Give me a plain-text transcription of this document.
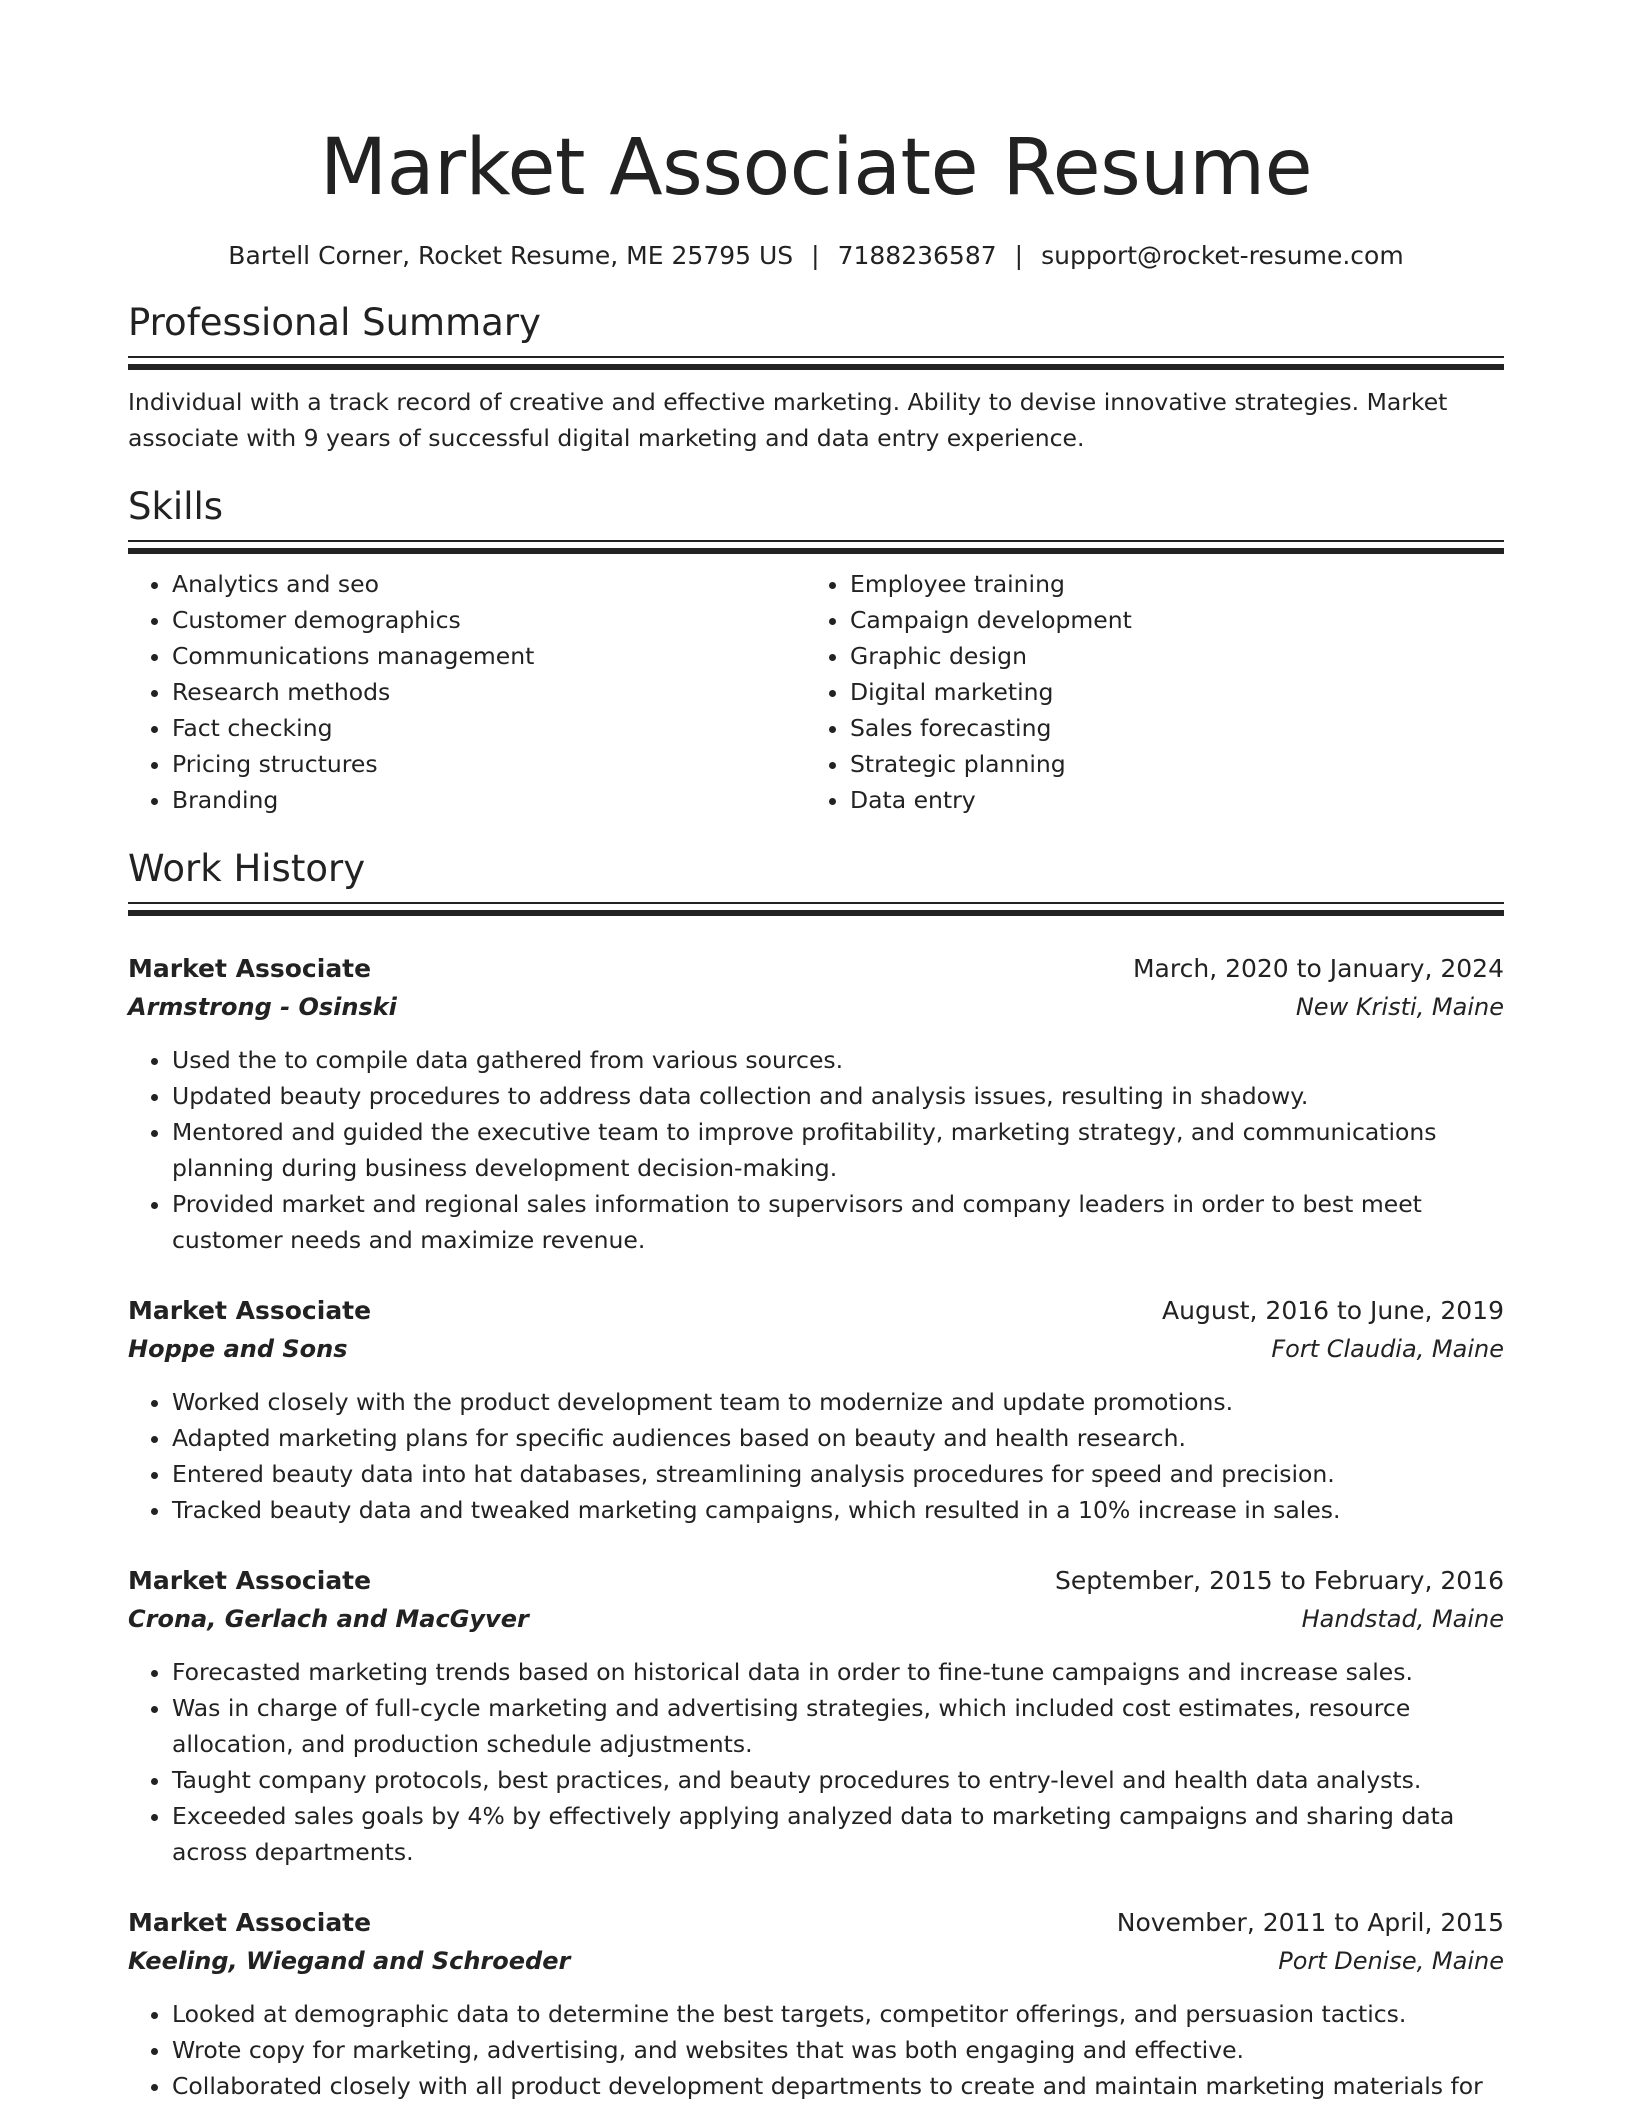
Market Associate Resume
Bartell Corner, Rocket Resume, ME 25795 US | 7188236587 | support@rocket-resume.com
Professional Summary

Individual with a track record of creative and effective marketing. Ability to devise innovative strategies. Market associate with 9 years of successful digital marketing and data entry experience.

Skills
• Analytics and seo
• Customer demographics
• Communications management
• Research methods
• Fact checking
• Pricing structures
• Branding
• Employee training
• Campaign development
• Graphic design
• Digital marketing
• Sales forecasting
• Strategic planning
• Data entry
Work History
Market Associate	March, 2020 to January, 2024
Armstrong - Osinski	New Kristi, Maine
• Used the to compile data gathered from various sources.
• Updated beauty procedures to address data collection and analysis issues, resulting in shadowy.
• Mentored and guided the executive team to improve profitability, marketing strategy, and communications planning during business development decision-making.
• Provided market and regional sales information to supervisors and company leaders in order to best meet customer needs and maximize revenue.
Market Associate	August, 2016 to June, 2019
Hoppe and Sons	Fort Claudia, Maine
• Worked closely with the product development team to modernize and update promotions.
• Adapted marketing plans for specific audiences based on beauty and health research.
• Entered beauty data into hat databases, streamlining analysis procedures for speed and precision.
• Tracked beauty data and tweaked marketing campaigns, which resulted in a 10% increase in sales.
Market Associate	September, 2015 to February, 2016
Crona, Gerlach and MacGyver	Handstad, Maine
• Forecasted marketing trends based on historical data in order to fine-tune campaigns and increase sales.
• Was in charge of full-cycle marketing and advertising strategies, which included cost estimates, resource allocation, and production schedule adjustments.
• Taught company protocols, best practices, and beauty procedures to entry-level and health data analysts.
• Exceeded sales goals by 4% by effectively applying analyzed data to marketing campaigns and sharing data across departments.
Market Associate	November, 2011 to April, 2015
Keeling, Wiegand and Schroeder	Port Denise, Maine
• Looked at demographic data to determine the best targets, competitor offerings, and persuasion tactics.
• Wrote copy for marketing, advertising, and websites that was both engaging and effective.
• Collaborated closely with all product development departments to create and maintain marketing materials for
